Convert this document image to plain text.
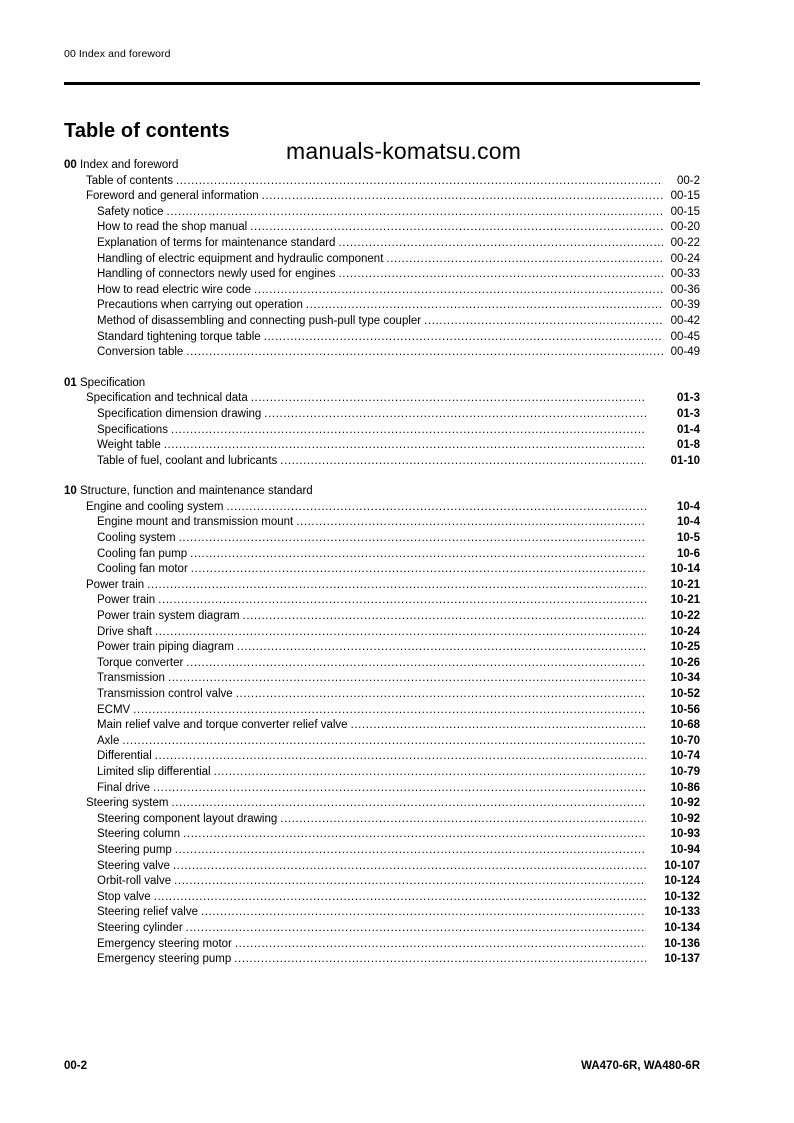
00 Index and foreword
Table of contents
manuals-komatsu.com
00 Index and foreword
Table of contents .....	00-2
Foreword and general information .....	00-15
Safety notice .....	00-15
How to read the shop manual .....	00-20
Explanation of terms for maintenance standard .....	00-22
Handling of electric equipment and hydraulic component .....	00-24
Handling of connectors newly used for engines .....	00-33
How to read electric wire code .....	00-36
Precautions when carrying out operation .....	00-39
Method of disassembling and connecting push-pull type coupler .....	00-42
Standard tightening torque table .....	00-45
Conversion table .....	00-49
01 Specification
Specification and technical data .....	01-3
Specification dimension drawing .....	01-3
Specifications .....	01-4
Weight table .....	01-8
Table of fuel, coolant and lubricants .....	01-10
10 Structure, function and maintenance standard
Engine and cooling system .....	10-4
Engine mount and transmission mount .....	10-4
Cooling system .....	10-5
Cooling fan pump .....	10-6
Cooling fan motor .....	10-14
Power train .....	10-21
Power train .....	10-21
Power train system diagram .....	10-22
Drive shaft .....	10-24
Power train piping diagram .....	10-25
Torque converter .....	10-26
Transmission .....	10-34
Transmission control valve .....	10-52
ECMV .....	10-56
Main relief valve and torque converter relief valve .....	10-68
Axle .....	10-70
Differential .....	10-74
Limited slip differential .....	10-79
Final drive .....	10-86
Steering system .....	10-92
Steering component layout drawing .....	10-92
Steering column .....	10-93
Steering pump .....	10-94
Steering valve .....	10-107
Orbit-roll valve .....	10-124
Stop valve .....	10-132
Steering relief valve .....	10-133
Steering cylinder .....	10-134
Emergency steering motor .....	10-136
Emergency steering pump .....	10-137
00-2	WA470-6R, WA480-6R
